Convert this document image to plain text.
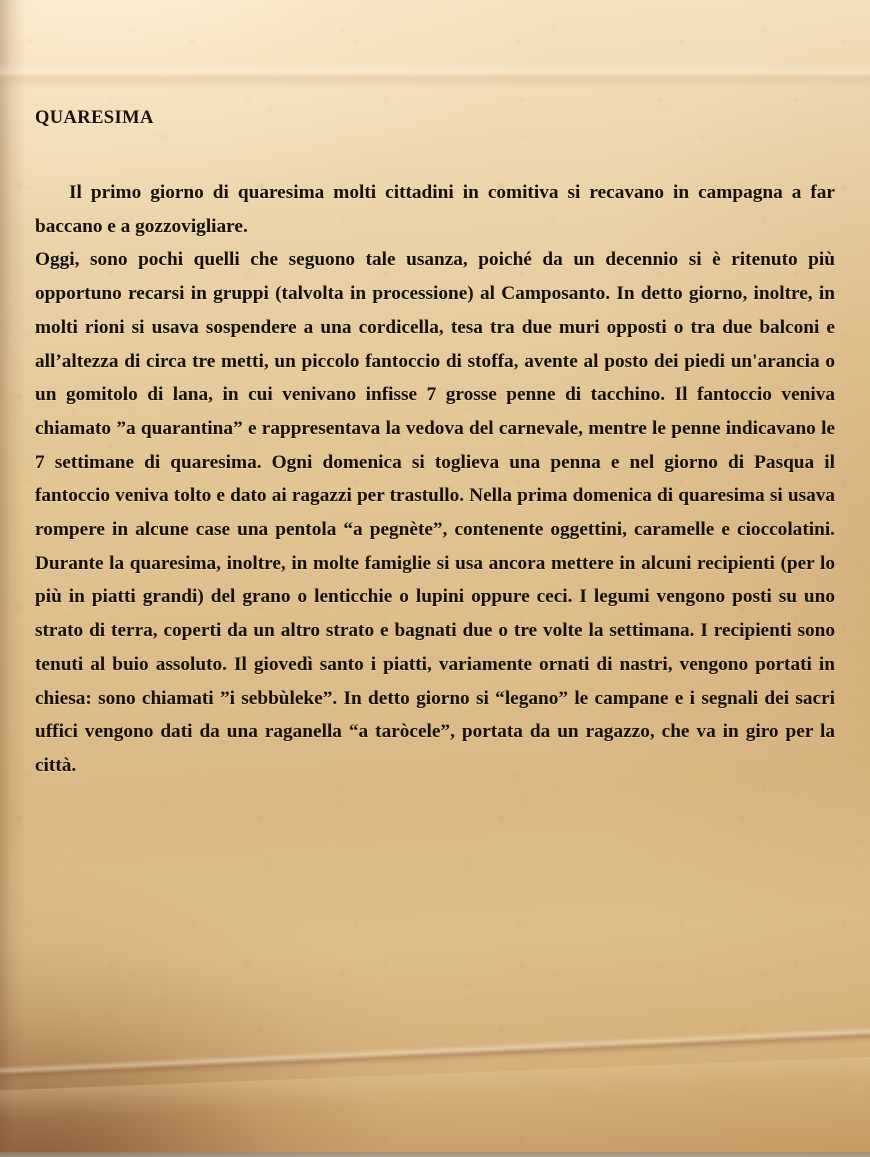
QUARESIMA

Il primo giorno di quaresima molti cittadini in comitiva si recavano in campagna a far baccano e a gozzovigliare.

Oggi, sono pochi quelli che seguono tale usanza, poiché da un decennio si è ritenuto più opportuno recarsi in gruppi (talvolta in processione) al Camposanto. In detto giorno, inoltre, in molti rioni si usava sospendere a una cordicella, tesa tra due muri opposti o tra due balconi e all’altezza di circa tre metti, un piccolo fantoccio di stoffa, avente al posto dei piedi un'arancia o un gomitolo di lana, in cui venivano infisse 7 grosse penne di tacchino. Il fantoccio veniva chiamato ”a quarantina” e rappresentava la vedova del carnevale, mentre le penne indicavano le 7 settimane di quaresima. Ogni domenica si toglieva una penna e nel giorno di Pasqua il fantoccio veniva tolto e dato ai ragazzi per trastullo. Nella prima domenica di quaresima si usava rompere in alcune case una pentola “a pegnète”, contenente oggettini, caramelle e cioccolatini. Durante la quaresima, inoltre, in molte famiglie si usa ancora mettere in alcuni recipienti (per lo più in piatti grandi) del grano o lenticchie o lupini oppure ceci. I legumi vengono posti su uno strato di terra, coperti da un altro strato e bagnati due o tre volte la settimana. I recipienti sono tenuti al buio assoluto. Il giovedì santo i piatti, variamente ornati di nastri, vengono portati in chiesa: sono chiamati ”i sebbùleke”. In detto giorno si “legano” le campane e i segnali dei sacri uffici vengono dati da una raganella “a taròcele”, portata da un ragazzo, che va in giro per la città.
